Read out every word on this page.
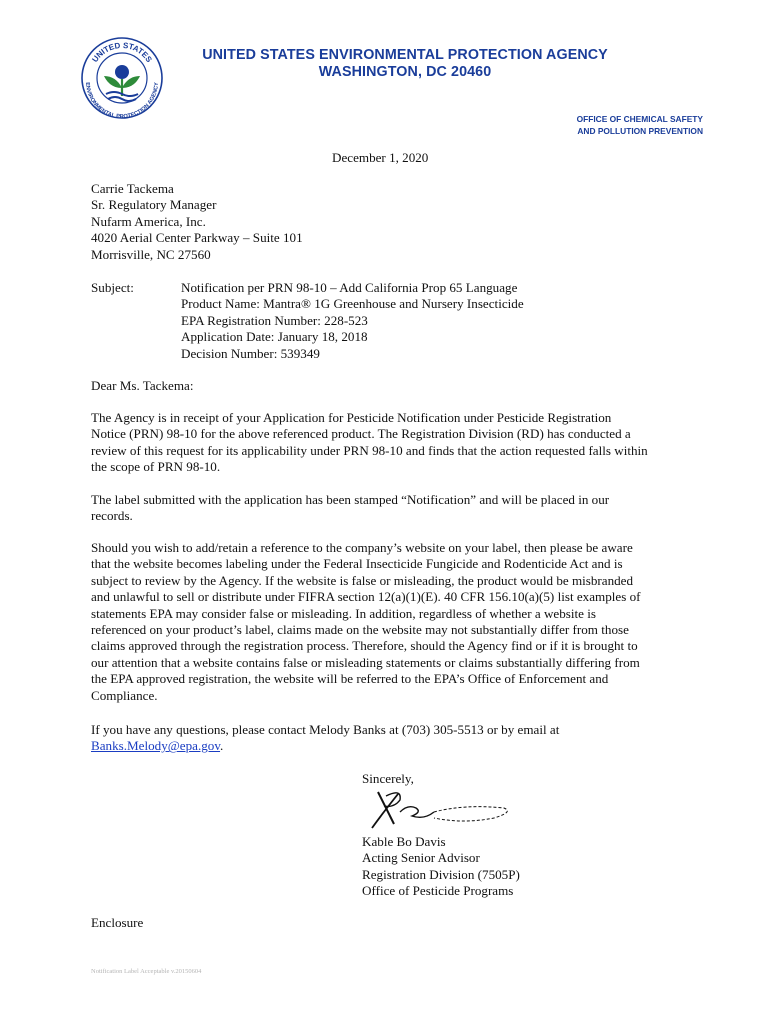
UNITED STATES
ENVIRONMENTAL PROTECTION AGENCY
UNITED STATES ENVIRONMENTAL PROTECTION AGENCY
WASHINGTON, DC 20460
OFFICE OF CHEMICAL SAFETY
AND POLLUTION PREVENTION
December 1, 2020
Carrie Tackema
Sr. Regulatory Manager
Nufarm America, Inc.
4020 Aerial Center Parkway – Suite 101
Morrisville, NC 27560
Subject:	Notification per PRN 98-10 – Add California Prop 65 Language
Product Name: Mantra® 1G Greenhouse and Nursery Insecticide
EPA Registration Number: 228-523
Application Date: January 18, 2018
Decision Number: 539349
Dear Ms. Tackema:
The Agency is in receipt of your Application for Pesticide Notification under Pesticide Registration
Notice (PRN) 98-10 for the above referenced product. The Registration Division (RD) has conducted a
review of this request for its applicability under PRN 98-10 and finds that the action requested falls within
the scope of PRN 98-10.
The label submitted with the application has been stamped “Notification” and will be placed in our
records.
Should you wish to add/retain a reference to the company’s website on your label, then please be aware
that the website becomes labeling under the Federal Insecticide Fungicide and Rodenticide Act and is
subject to review by the Agency. If the website is false or misleading, the product would be misbranded
and unlawful to sell or distribute under FIFRA section 12(a)(1)(E). 40 CFR 156.10(a)(5) list examples of
statements EPA may consider false or misleading. In addition, regardless of whether a website is
referenced on your product’s label, claims made on the website may not substantially differ from those
claims approved through the registration process. Therefore, should the Agency find or if it is brought to
our attention that a website contains false or misleading statements or claims substantially differing from
the EPA approved registration, the website will be referred to the EPA’s Office of Enforcement and
Compliance.
If you have any questions, please contact Melody Banks at (703) 305-5513 or by email at
Banks.Melody@epa.gov.
Sincerely,
Kable Bo Davis
Acting Senior Advisor
Registration Division (7505P)
Office of Pesticide Programs
Enclosure
Notification Label Acceptable v.20150604
